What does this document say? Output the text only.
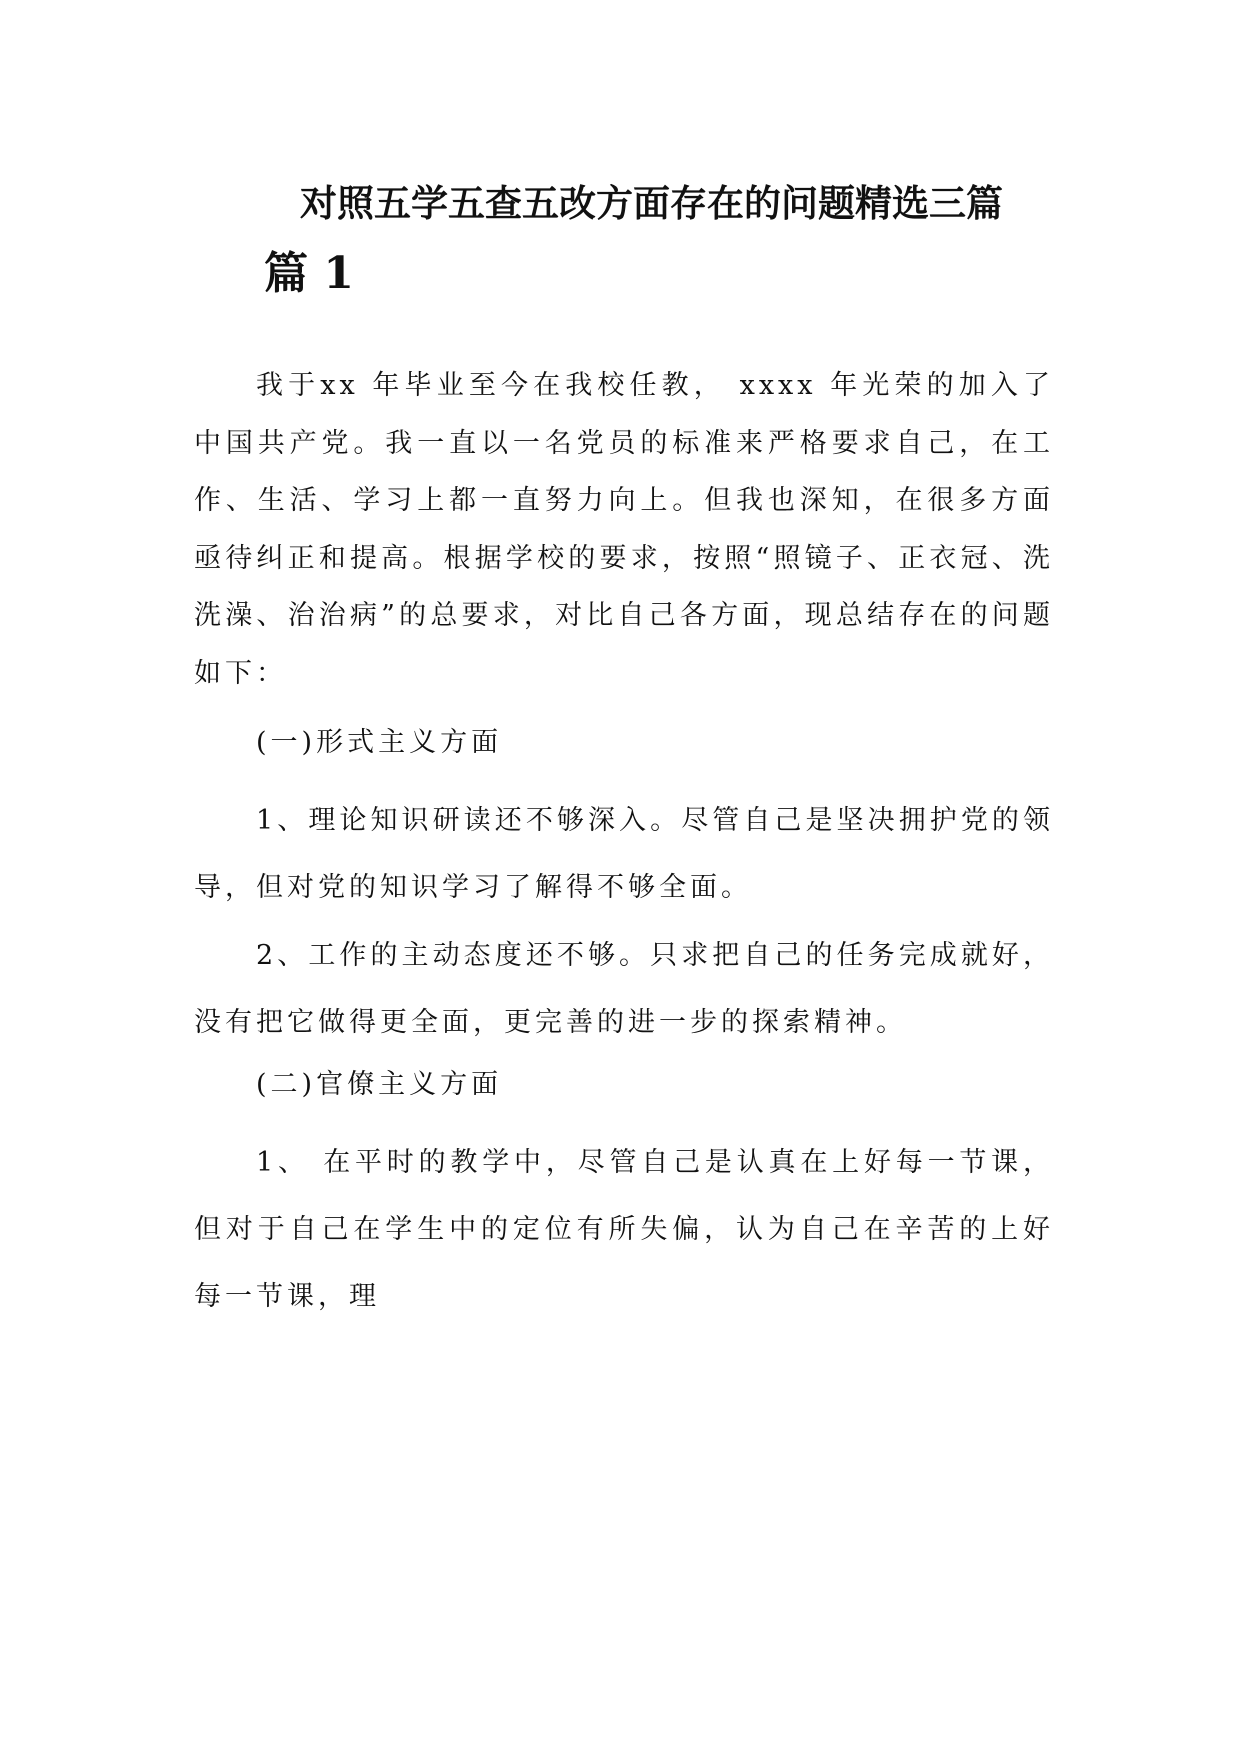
对照五学五查五改方面存在的问题精选三篇
篇 1

我于xx 年毕业至今在我校任教， xxxx 年光荣的加入了中国共产党。我一直以一名党员的标准来严格要求自己，在工作、生活、学习上都一直努力向上。但我也深知，在很多方面亟待纠正和提高。根据学校的要求，按照“照镜子、正衣冠、洗洗澡、治治病”的总要求，对比自己各方面，现总结存在的问题如下：

(一)形式主义方面

1、理论知识研读还不够深入。尽管自己是坚决拥护党的领导，但对党的知识学习了解得不够全面。

2、工作的主动态度还不够。只求把自己的任务完成就好，没有把它做得更全面，更完善的进一步的探索精神。

(二)官僚主义方面

1、 在平时的教学中，尽管自己是认真在上好每一节课，但对于自己在学生中的定位有所失偏，认为自己在辛苦的上好每一节课，理
